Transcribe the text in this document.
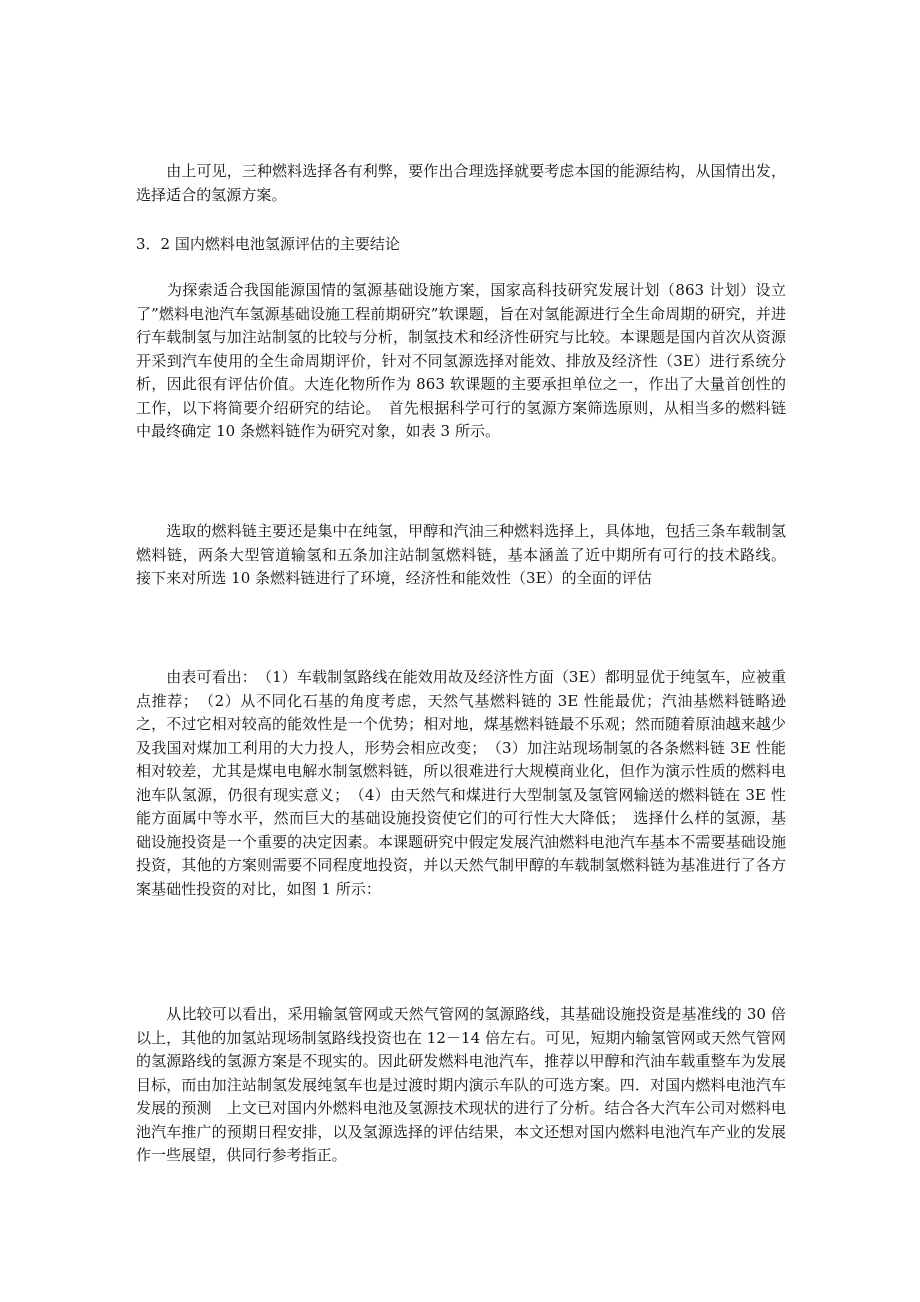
　　由上可见，三种燃料选择各有利弊，要作出合理选择就要考虑本国的能源结构，从国情出发，选择适合的氢源方案。

3．2 国内燃料电池氢源评估的主要结论

　　为探索适合我国能源国情的氢源基础设施方案，国家高科技研究发展计划（863 计划）设立了”燃料电池汽车氢源基础设施工程前期研究”软课题，旨在对氢能源进行全生命周期的研究，并进行车载制氢与加注站制氢的比较与分析，制氢技术和经济性研究与比较。本课题是国内首次从资源开采到汽车使用的全生命周期评价，针对不同氢源选择对能效、排放及经济性（3E）进行系统分析，因此很有评估价值。大连化物所作为 863 软课题的主要承担单位之一，作出了大量首创性的工作，以下将简要介绍研究的结论。　首先根据科学可行的氢源方案筛选原则，从相当多的燃料链中最终确定 10 条燃料链作为研究对象，如表 3 所示。

　　选取的燃料链主要还是集中在纯氢，甲醇和汽油三种燃料选择上，具体地，包括三条车载制氢燃料链，两条大型管道输氢和五条加注站制氢燃料链，基本涵盖了近中期所有可行的技术路线。 接下来对所选 10 条燃料链进行了环境，经济性和能效性（3E）的全面的评估

　　由表可看出：　（1）车载制氢路线在能效用故及经济性方面（3E）都明显优于纯氢车，应被重点推荐；　（2）从不同化石基的角度考虑，天然气基燃料链的 3E 性能最优；汽油基燃料链略逊之，不过它相对较高的能效性是一个优势；相对地，煤基燃料链最不乐观；然而随着原油越来越少及我国对煤加工利用的大力投人，形势会相应改变；　（3）加注站现场制氢的各条燃料链 3E 性能相对较差，尤其是煤电电解水制氢燃料链，所以很难进行大规模商业化，但作为演示性质的燃料电池车队氢源，仍很有现实意义；　（4）由天然气和煤进行大型制氢及氢管网输送的燃料链在 3E 性能方面属中等水平，然而巨大的基础设施投资使它们的可行性大大降低；　选择什么样的氢源，基础设施投资是一个重要的决定因素。本课题研究中假定发展汽油燃料电池汽车基本不需要基础设施投资，其他的方案则需要不同程度地投资，并以天然气制甲醇的车载制氢燃料链为基准进行了各方案基础性投资的对比，如图 1 所示：

　　从比较可以看出，采用输氢管网或天然气管网的氢源路线，其基础设施投资是基准线的 30 倍以上，其他的加氢站现场制氢路线投资也在 12－14 倍左右。可见，短期内输氢管网或天然气管网的氢源路线的氢源方案是不现实的。因此研发燃料电池汽车，推荐以甲醇和汽油车载重整车为发展目标，而由加注站制氢发展纯氢车也是过渡时期内演示车队的可选方案。四．对国内燃料电池汽车发展的预测　上文已对国内外燃料电池及氢源技术现状的进行了分析。结合各大汽车公司对燃料电池汽车推广的预期日程安排，以及氢源选择的评估结果，本文还想对国内燃料电池汽车产业的发展作一些展望，供同行参考指正。
